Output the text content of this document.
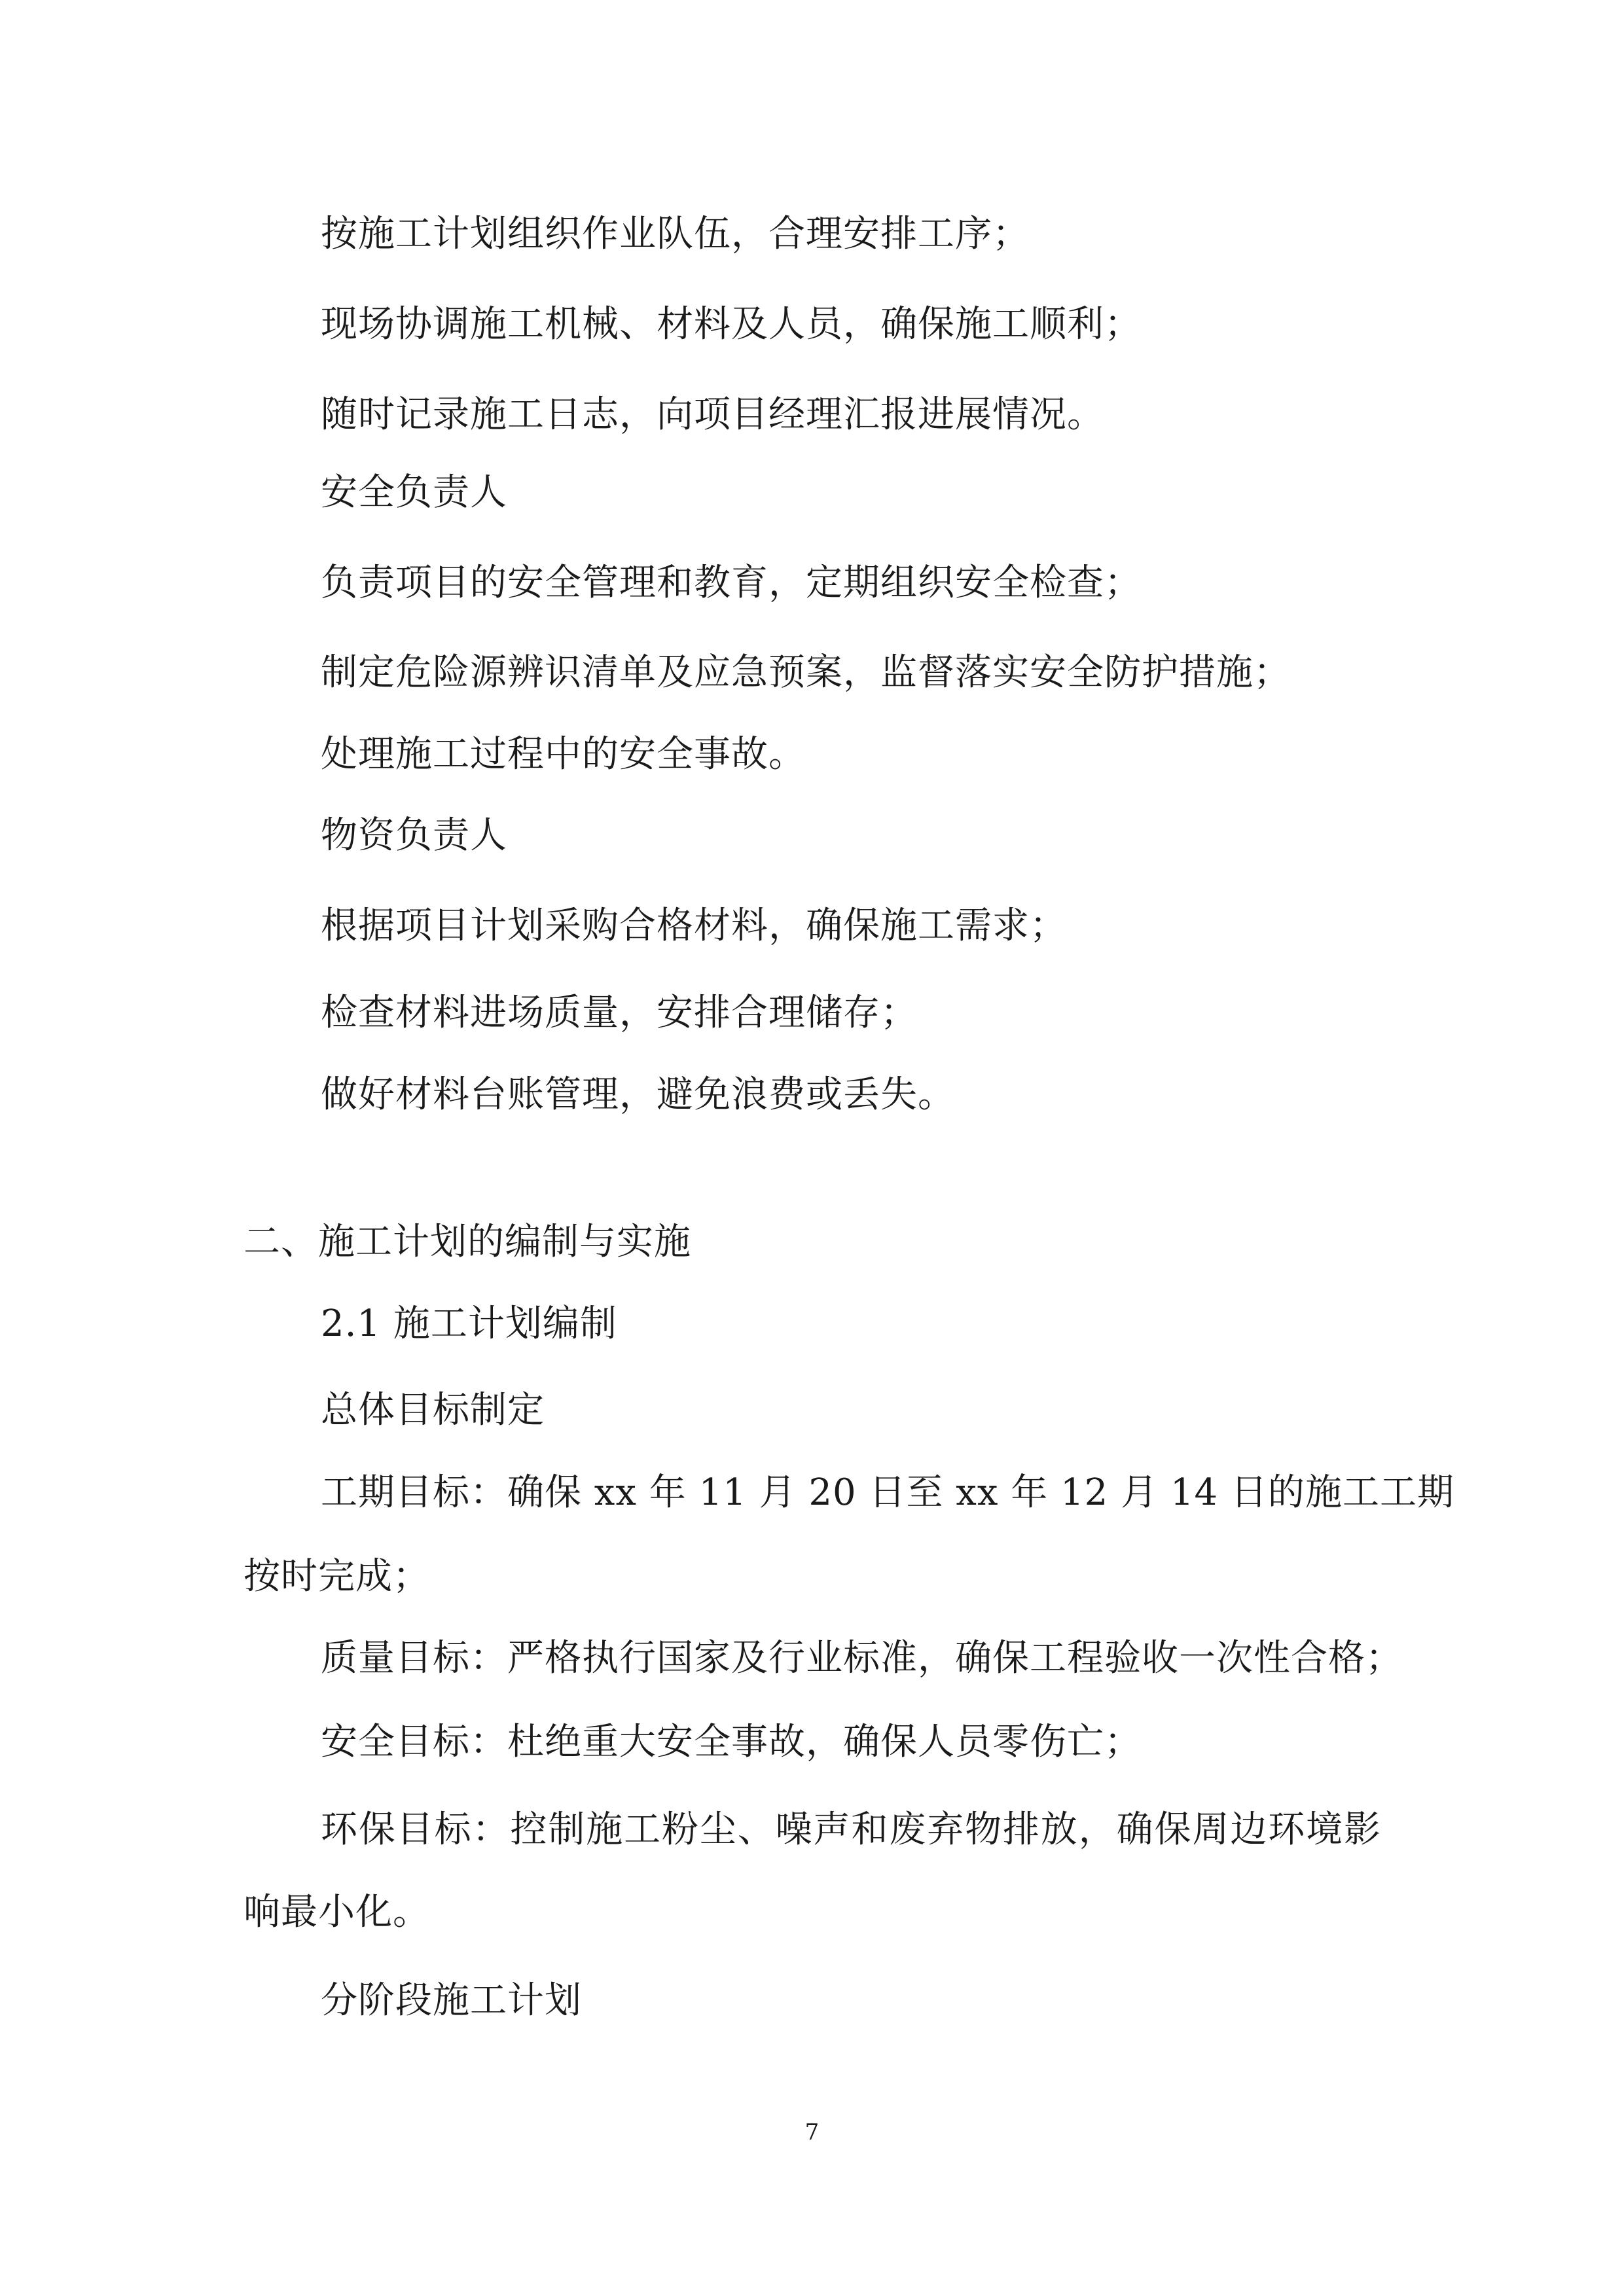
按施工计划组织作业队伍，合理安排工序；
现场协调施工机械、材料及人员，确保施工顺利；
随时记录施工日志，向项目经理汇报进展情况。
安全负责人
负责项目的安全管理和教育，定期组织安全检查；
制定危险源辨识清单及应急预案，监督落实安全防护措施；
处理施工过程中的安全事故。
物资负责人
根据项目计划采购合格材料，确保施工需求；
检查材料进场质量，安排合理储存；
做好材料台账管理，避免浪费或丢失。
二、施工计划的编制与实施
2.1 施工计划编制
总体目标制定
工期目标：确保 xx 年 11 月 20 日至 xx 年 12 月 14 日的施工工期
按时完成；
质量目标：严格执行国家及行业标准，确保工程验收一次性合格；
安全目标：杜绝重大安全事故，确保人员零伤亡；
环保目标：控制施工粉尘、噪声和废弃物排放，确保周边环境影
响最小化。
分阶段施工计划
7
